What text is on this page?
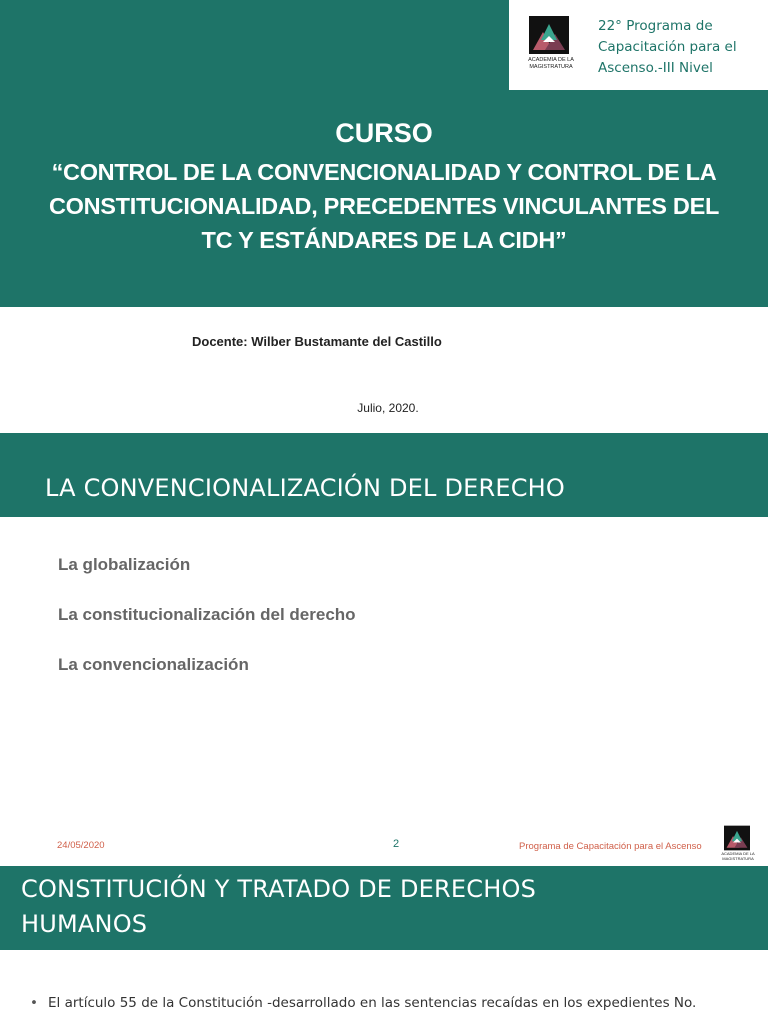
CURSO
“CONTROL DE LA CONVENCIONALIDAD Y CONTROL DE LA
CONSTITUCIONALIDAD, PRECEDENTES VINCULANTES DEL
TC Y ESTÁNDARES DE LA CIDH”
ACADEMIA DE LA MAGISTRATURA
22° Programa de
Capacitación para el
Ascenso.-III Nivel
Docente: Wilber Bustamante del Castillo
Julio, 2020.
LA CONVENCIONALIZACIÓN DEL DERECHO
La globalización
La constitucionalización del derecho
La convencionalización
24/05/2020	2	Programa de Capacitación para el Ascenso
ACADEMIA DE LA MAGISTRATURA
CONSTITUCIÓN Y TRATADO DE DERECHOS
HUMANOS
• El artículo 55 de la Constitución -desarrollado en las sentencias recaídas en los expedientes No.
